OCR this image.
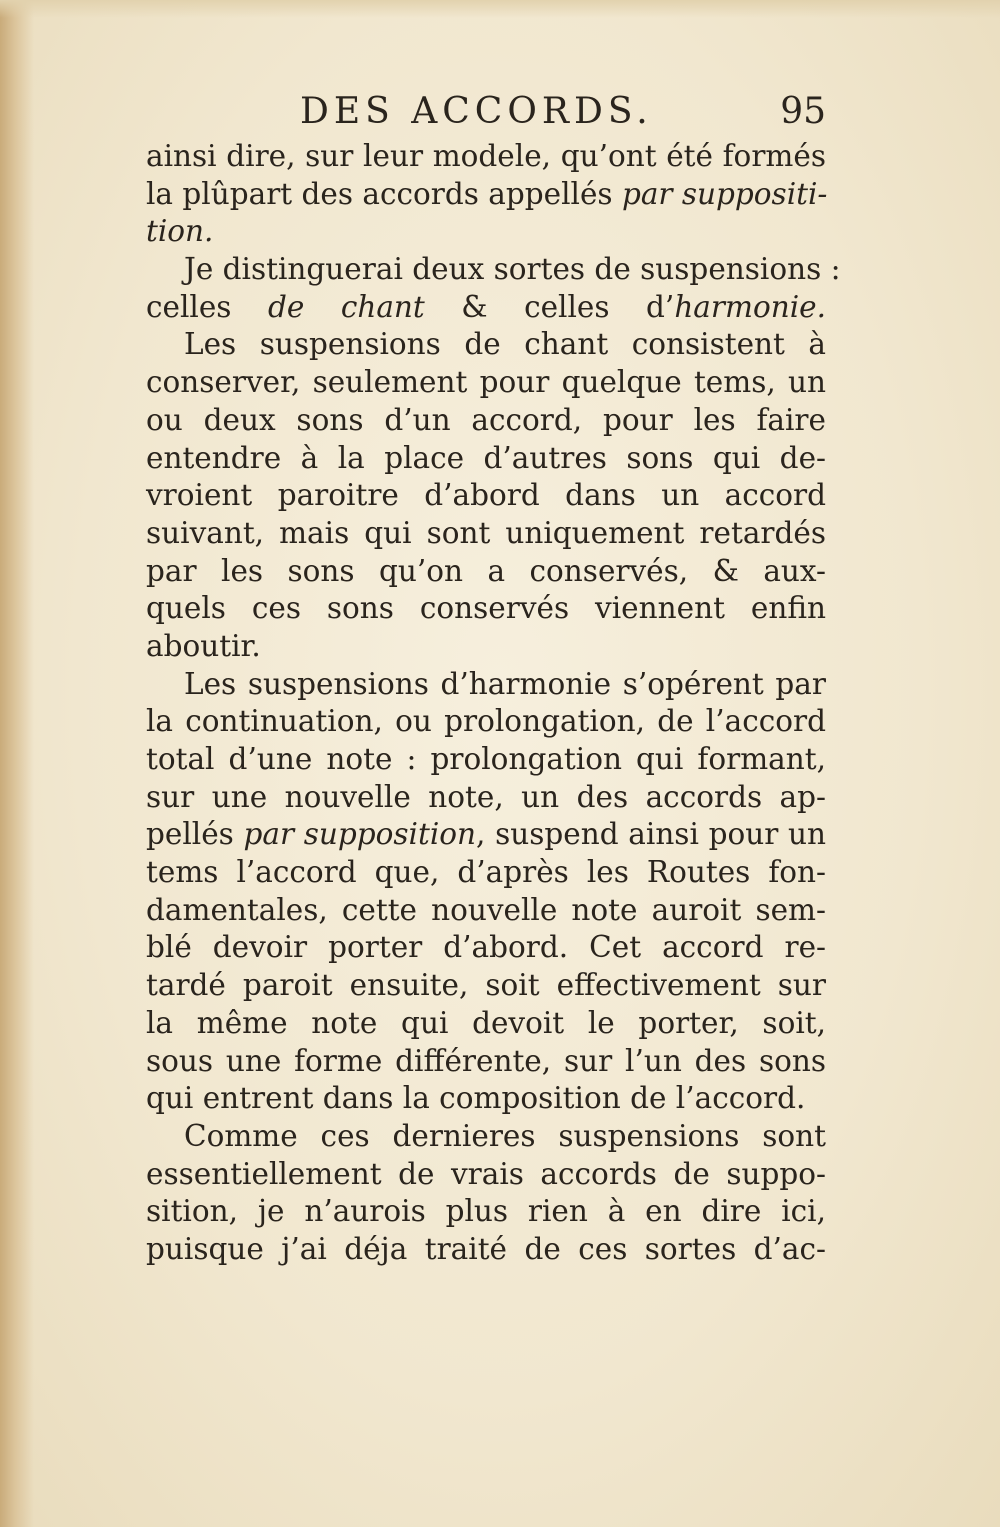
DES ACCORDS.	95
ainsi dire, sur leur modele, qu’ont été formés
la plûpart des accords appellés par suppositi-
tion.
Je distinguerai deux sortes de suspensions :
celles de chant & celles d’harmonie.
Les suspensions de chant consistent à
conserver, seulement pour quelque tems, un
ou deux sons d’un accord, pour les faire
entendre à la place d’autres sons qui de-
vroient paroitre d’abord dans un accord
suivant, mais qui sont uniquement retardés
par les sons qu’on a conservés, & aux-
quels ces sons conservés viennent enfin
aboutir.
Les suspensions d’harmonie s’opérent par
la continuation, ou prolongation, de l’accord
total d’une note : prolongation qui formant,
sur une nouvelle note, un des accords ap-
pellés par supposition, suspend ainsi pour un
tems l’accord que, d’après les Routes fon-
damentales, cette nouvelle note auroit sem-
blé devoir porter d’abord. Cet accord re-
tardé paroit ensuite, soit effectivement sur
la même note qui devoit le porter, soit,
sous une forme différente, sur l’un des sons
qui entrent dans la composition de l’accord.
Comme ces dernieres suspensions sont
essentiellement de vrais accords de suppo-
sition, je n’aurois plus rien à en dire ici,
puisque j’ai déja traité de ces sortes d’ac-
